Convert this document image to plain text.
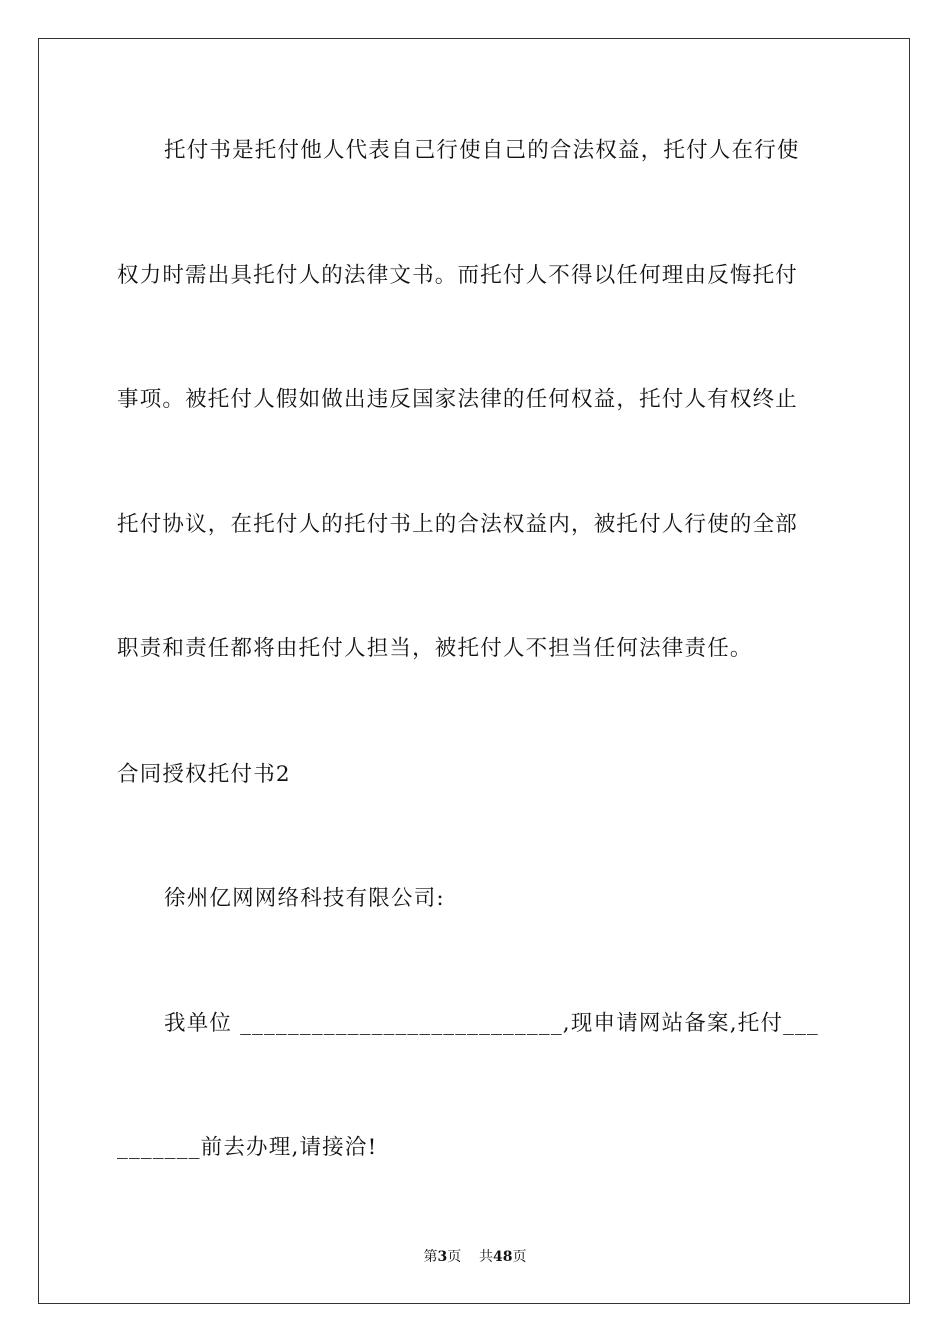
托付书是托付他人代表自己行使自己的合法权益，托付人在行使
权力时需出具托付人的法律文书。而托付人不得以任何理由反悔托付
事项。被托付人假如做出违反国家法律的任何权益，托付人有权终止
托付协议，在托付人的托付书上的合法权益内，被托付人行使的全部
职责和责任都将由托付人担当，被托付人不担当任何法律责任。
合同授权托付书2
徐州亿网网络科技有限公司:
我单位 ___________________________,现申请网站备案,托付___
_______前去办理,请接洽!
第3页 共48页
